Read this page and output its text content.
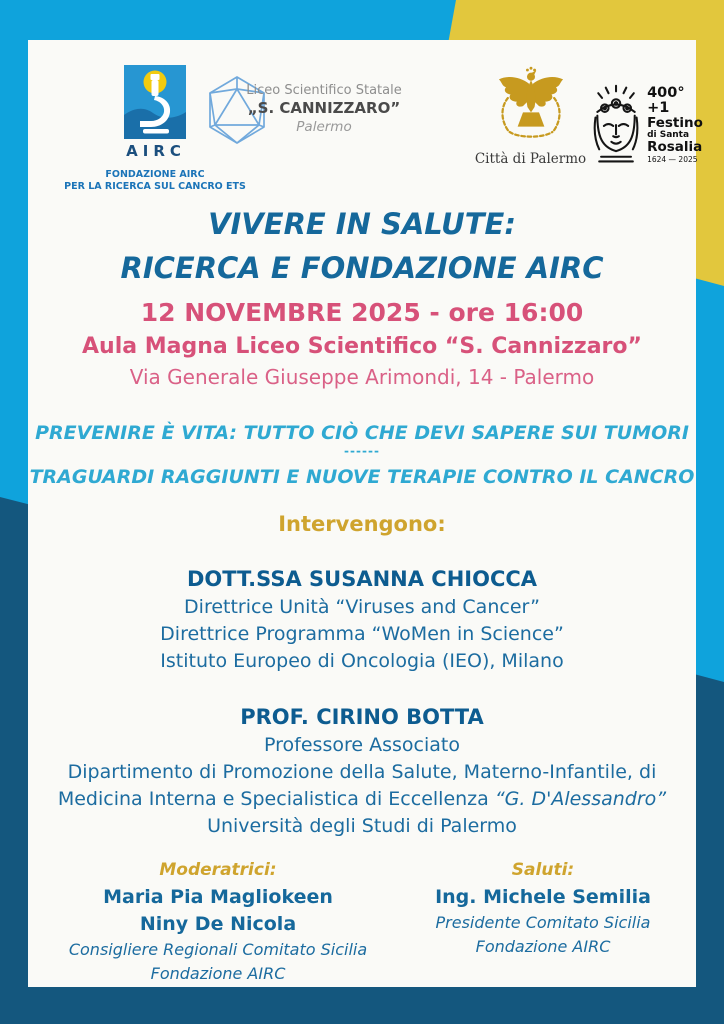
AIRC
FONDAZIONE AIRC
PER LA RICERCA SUL CANCRO ETS
Liceo Scientifico Statale
„S. CANNIZZARO”
Palermo
Città di Palermo
400°+1
Festino
di Santa
Rosalia
1624 — 2025
VIVERE IN SALUTE:
RICERCA E FONDAZIONE AIRC
12 NOVEMBRE 2025 - ore 16:00
Aula Magna Liceo Scientifico “S. Cannizzaro”
Via Generale Giuseppe Arimondi, 14 - Palermo
PREVENIRE È VITA: TUTTO CIÒ CHE DEVI SAPERE SUI TUMORI
------
TRAGUARDI RAGGIUNTI E NUOVE TERAPIE CONTRO IL CANCRO
Intervengono:
DOTT.SSA SUSANNA CHIOCCA
Direttrice Unità “Viruses and Cancer”
Direttrice Programma “WoMen in Science”
Istituto Europeo di Oncologia (IEO), Milano
PROF. CIRINO BOTTA
Professore Associato
Dipartimento di Promozione della Salute, Materno-Infantile, di
Medicina Interna e Specialistica di Eccellenza “G. D'Alessandro”
Università degli Studi di Palermo
Moderatrici:
Maria Pia Magliokeen
Niny De Nicola
Consigliere Regionali Comitato Sicilia
Fondazione AIRC
Saluti:
Ing. Michele Semilia
Presidente Comitato Sicilia
Fondazione AIRC
